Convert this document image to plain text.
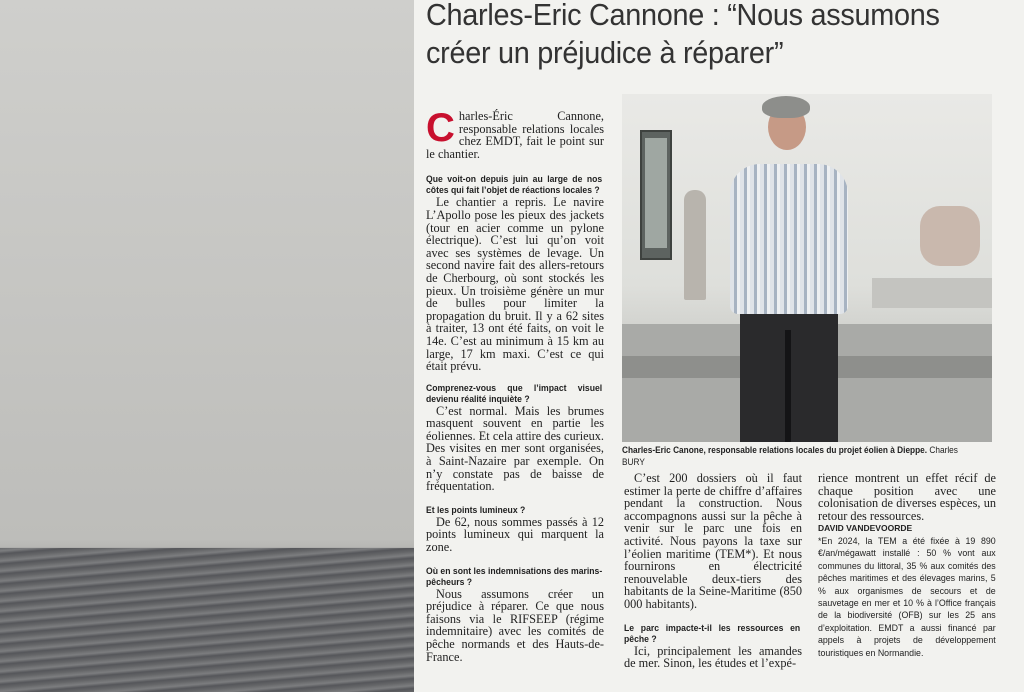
Charles-Eric Cannone : “Nous assumons
créer un préjudice à réparer”

Charles-Éric Cannone, responsable relations locales chez EMDT, fait le point sur le chantier.

Que voit-on depuis juin au large de nos côtes qui fait l’objet de réactions locales ?

Le chantier a repris. Le navire L’Apollo pose les pieux des jackets (tour en acier comme un pylone électrique). C’est lui qu’on voit avec ses systèmes de levage. Un second navire fait des allers-retours de Cherbourg, où sont stockés les pieux. Un troisième génère un mur de bulles pour limiter la propagation du bruit. Il y a 62 sites à traiter, 13 ont été faits, on voit le 14e. C’est au minimum à 15 km au large, 17 km maxi. C’est ce qui était prévu.

Comprenez-vous que l’impact visuel devienu réalité inquiète ?

C’est normal. Mais les brumes masquent souvent en partie les éoliennes. Et cela attire des curieux. Des visites en mer sont organisées, à Saint-Nazaire par exemple. On n’y constate pas de baisse de fréquentation.

Et les points lumineux ?

De 62, nous sommes passés à 12 points lumineux qui marquent la zone.

Où en sont les indemnisations des marins-pêcheurs ?

Nous assumons créer un préjudice à réparer. Ce que nous faisons via le RIFSEEP (régime indemnitaire) avec les comités de pêche normands et des Hauts-de-France.

Charles-Eric Canone, responsable relations locales du projet éolien à Dieppe. Charles BURY

C’est 200 dossiers où il faut estimer la perte de chiffre d’affaires pendant la construction. Nous accompagnons aussi sur la pêche à venir sur le parc une fois en activité. Nous payons la taxe sur l’éolien maritime (TEM*). Et nous fournirons en électricité renouvelable deux-tiers des habitants de la Seine-Maritime (850 000 habitants).

Le parc impacte-t-il les ressources en pêche ?

Ici, principalement les amandes de mer. Sinon, les études et l’expé-

rience montrent un effet récif de chaque position avec une colonisation de diverses espèces, un retour des ressources.

DAVID VANDEVOORDE

*En 2024, la TEM a été fixée à 19 890 €/an/mégawatt installé : 50 % vont aux communes du littoral, 35 % aux comités des pêches maritimes et des élevages marins, 5 % aux organismes de secours et de sauvetage en mer et 10 % à l’Office français de la biodiversité (OFB) sur les 25 ans d’exploitation. EMDT a aussi financé par appels à projets de développement touristiques en Normandie.
